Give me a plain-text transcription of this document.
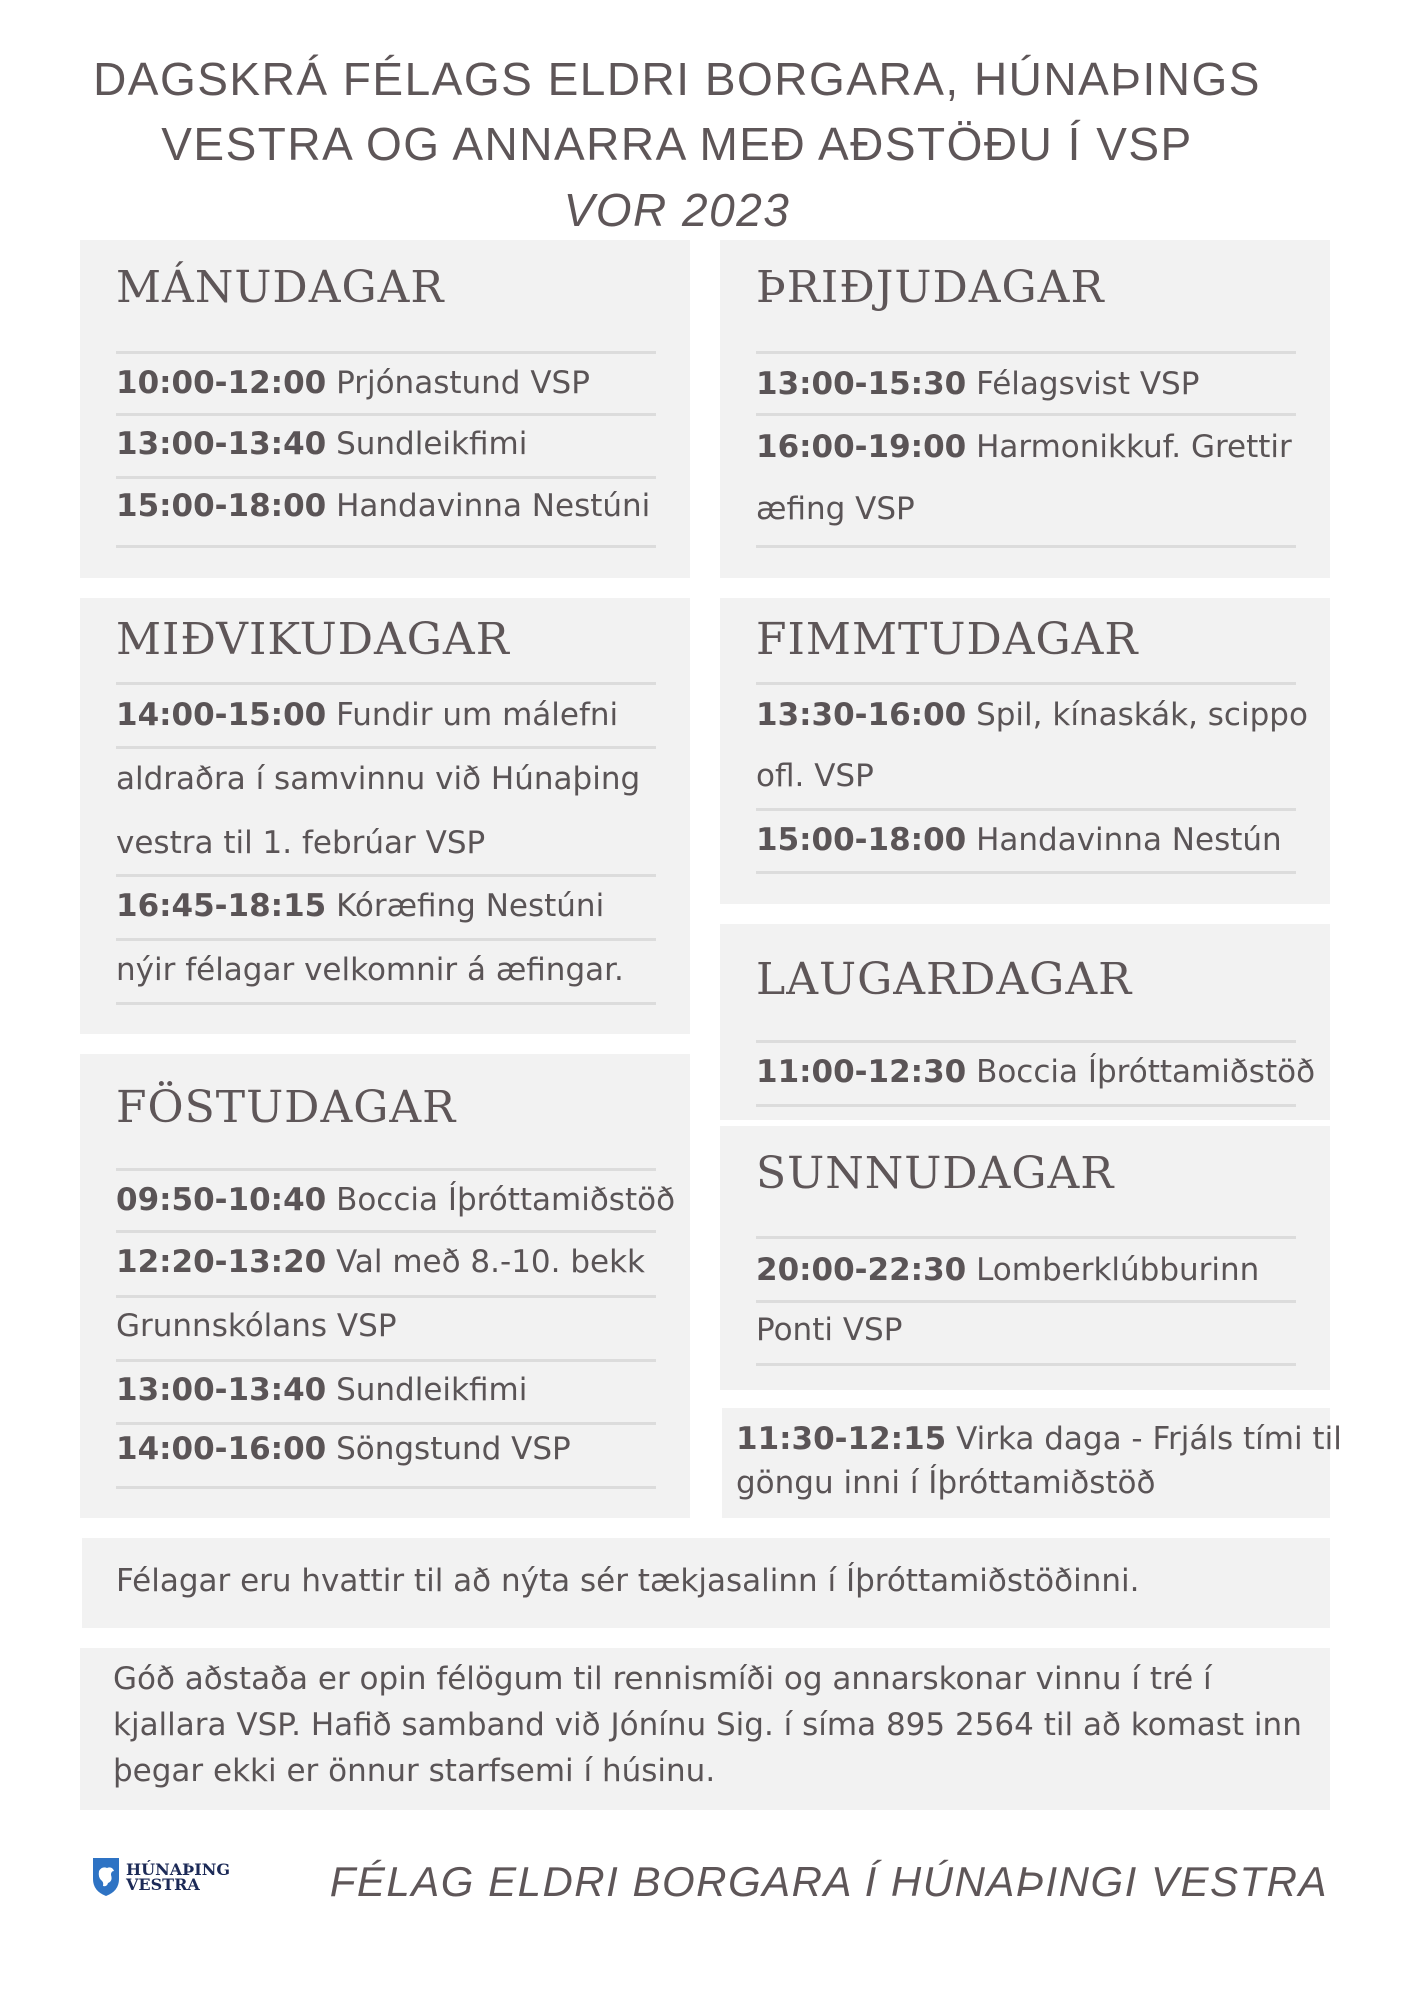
DAGSKRÁ FÉLAGS ELDRI BORGARA, HÚNAÞINGS
VESTRA OG ANNARRA MEÐ AÐSTÖÐU Í VSP
VOR 2023
MÁNUDAGAR
10:00-12:00 Prjónastund VSP
13:00-13:40 Sundleikfimi
15:00-18:00 Handavinna Nestúni
ÞRIÐJUDAGAR
13:00-15:30 Félagsvist VSP
16:00-19:00 Harmonikkuf. Grettir
æfing VSP
MIÐVIKUDAGAR
14:00-15:00 Fundir um málefni
aldraðra í samvinnu við Húnaþing
vestra til 1. febrúar VSP
16:45-18:15 Kóræfing Nestúni
nýir félagar velkomnir á æfingar.
FIMMTUDAGAR
13:30-16:00 Spil, kínaskák, scippo
ofl. VSP
15:00-18:00 Handavinna Nestún
LAUGARDAGAR
11:00-12:30 Boccia Íþróttamiðstöð
FÖSTUDAGAR
09:50-10:40 Boccia Íþróttamiðstöð
12:20-13:20 Val með 8.-10. bekk
Grunnskólans VSP
13:00-13:40 Sundleikfimi
14:00-16:00 Söngstund VSP
SUNNUDAGAR
20:00-22:30 Lomberklúbburinn
Ponti VSP
11:30-12:15 Virka daga - Frjáls tími til
göngu inni í Íþróttamiðstöð
Félagar eru hvattir til að nýta sér tækjasalinn í Íþróttamiðstöðinni.
Góð aðstaða er opin félögum til rennismíði og annarskonar vinnu í tré í
kjallara VSP. Hafið samband við Jónínu Sig. í síma 895 2564 til að komast inn
þegar ekki er önnur starfsemi í húsinu.
HÚNAÞING
VESTRA	FÉLAG ELDRI BORGARA Í HÚNAÞINGI VESTRA
